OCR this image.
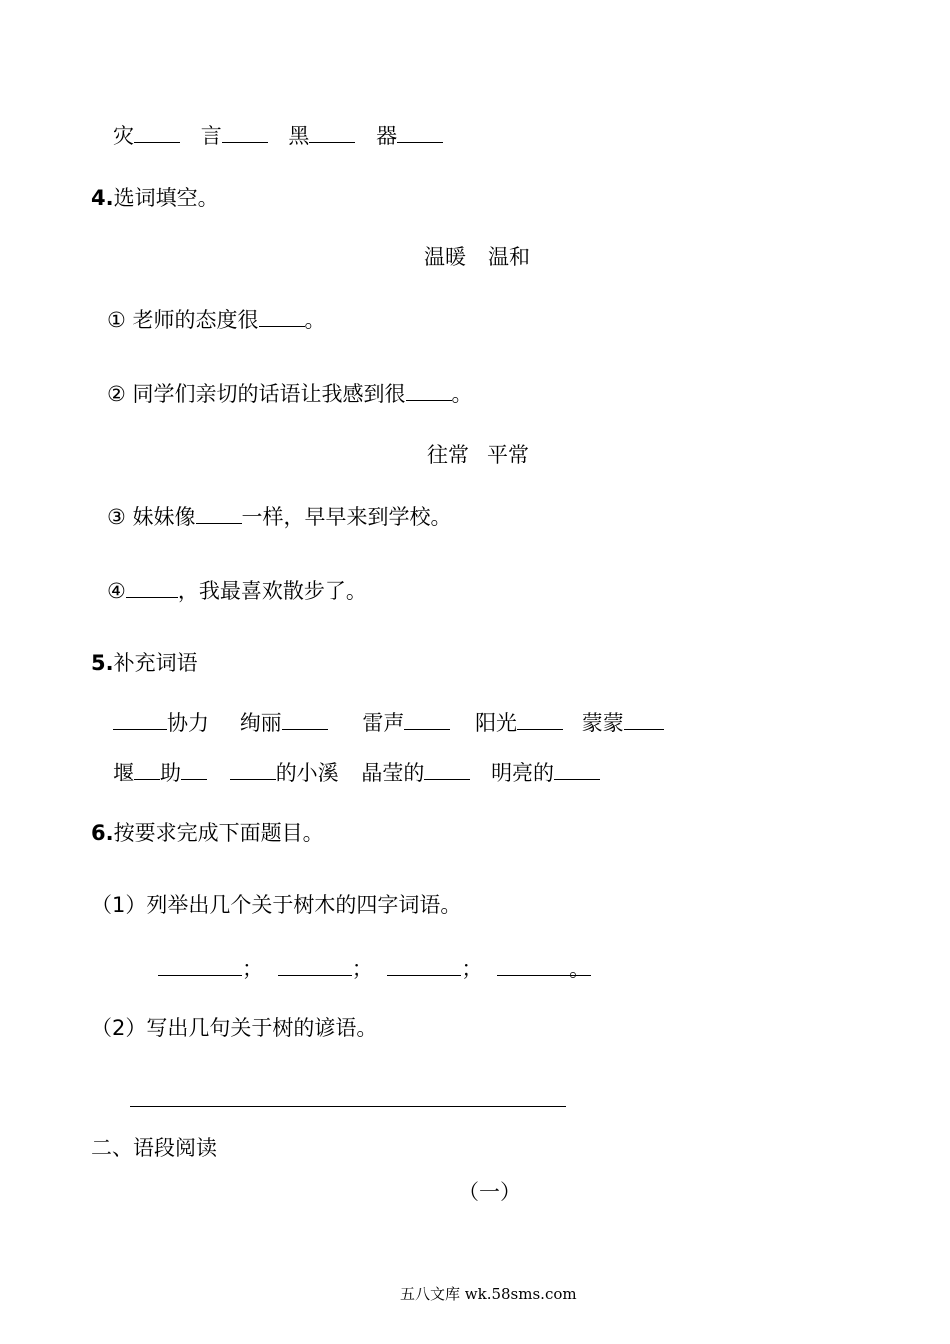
灾	言	黑	器
4.选词填空。
温暖 温和
① 老师的态度很 。
② 同学们亲切的话语让我感到很 。
往常 平常
③ 妹妹像 一样，早早来到学校。
④ ，我最喜欢散步了。
5.补充词语
协力 绚丽	雷声	阳光	蒙蒙
堰 助	的小溪 晶莹的	明亮的
6.按要求完成下面题目。
（1）列举出几个关于树木的四字词语。
；	；	；	。
（2）写出几句关于树的谚语。
二、语段阅读
（一）
五八文库 wk.58sms.com
